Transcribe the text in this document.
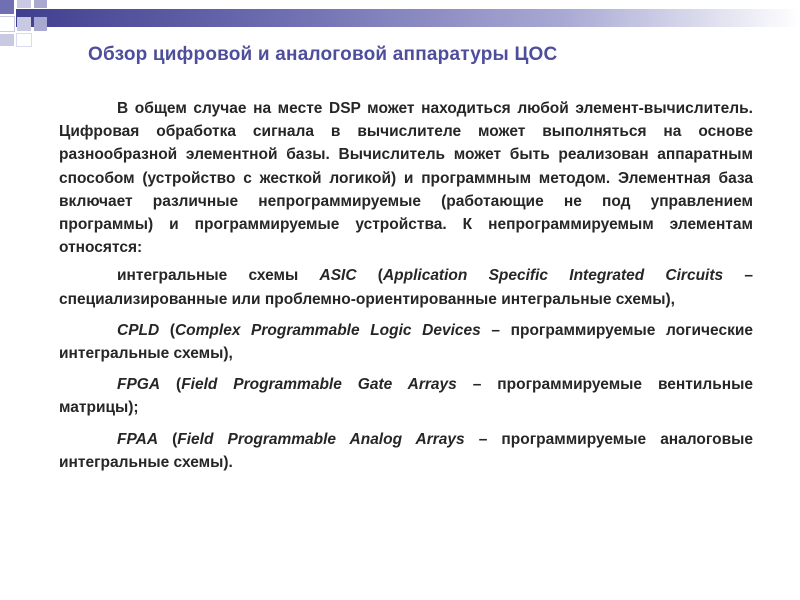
Обзор цифровой и аналоговой аппаратуры ЦОС

В общем случае на месте DSP может находиться любой элемент-вычислитель. Цифровая обработка сигнала в вычислителе может выполняться на основе разнообразной элементной базы. Вычислитель может быть реализован аппаратным способом (устройство с жесткой логикой) и программным методом. Элементная база включает различные непрограммируемые (работающие не под управлением программы) и программируемые устройства. К непрограммируемым элементам относятся:

интегральные схемы ASIC (Application Specific Integrated Circuits – специализированные или проблемно-ориентированные интегральные схемы),

CPLD (Complex Programmable Logic Devices – программируемые логические интегральные схемы),

FPGA (Field Programmable Gate Arrays – программируемые вентильные матрицы);

FPAA (Field Programmable Analog Arrays – программируемые аналоговые интегральные схемы).
